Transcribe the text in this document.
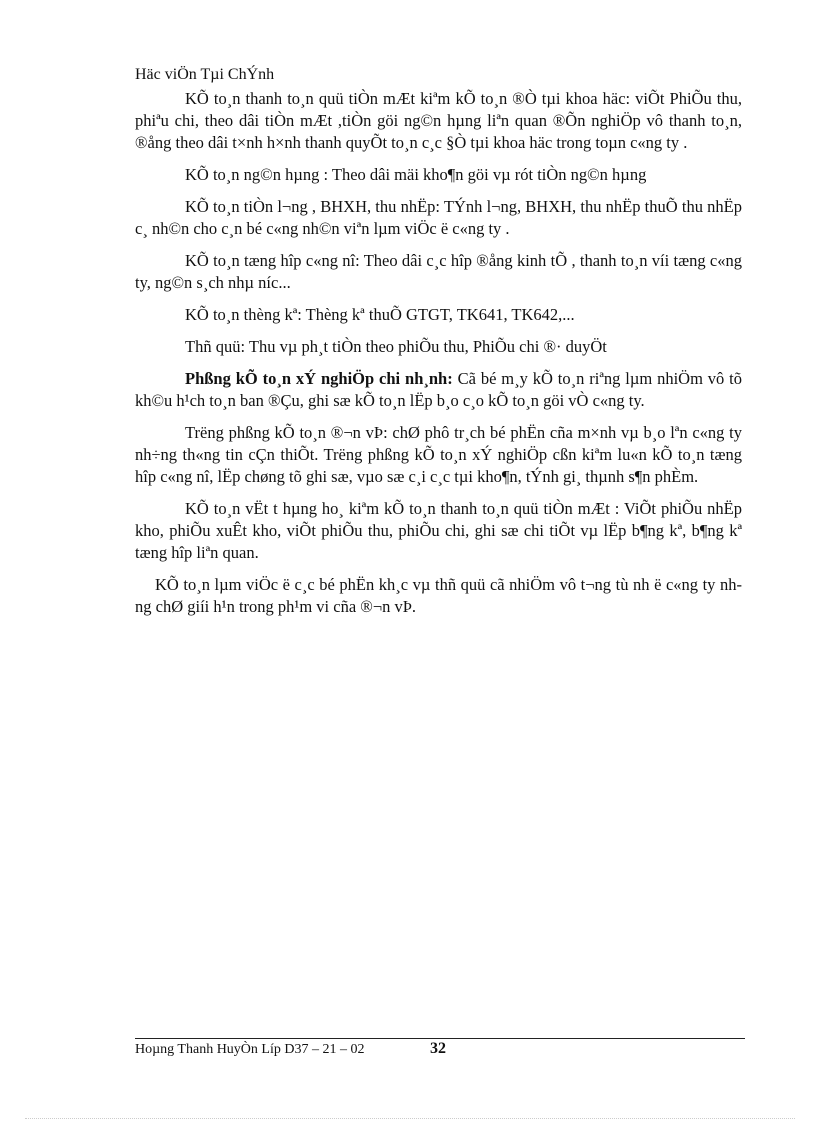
Häc viÖn Tµi ChÝnh

KÕ to¸n thanh to¸n quü tiÒn mÆt kiªm kÕ to¸n ®Ò tµi khoa häc: viÕt PhiÕu thu, phiªu chi, theo dâi tiÒn mÆt ,tiÒn göi ng©n hµng liªn quan ®Õn nghiÖp vô thanh to¸n, ®ång theo dâi t×nh h×nh thanh quyÕt to¸n c¸c §Ò tµi khoa häc trong toµn c«ng ty .

KÕ to¸n ng©n hµng : Theo dâi mäi kho¶n göi vµ rót tiÒn ng©n hµng

KÕ to¸n tiÒn l¬ng , BHXH, thu nhËp: TÝnh l¬ng, BHXH, thu nhËp thuÕ thu nhËp c¸ nh©n cho c¸n bé c«ng nh©n viªn lµm viÖc ë c«ng ty .

KÕ to¸n tæng hîp c«ng nî: Theo dâi c¸c hîp ®ång kinh tÕ , thanh to¸n víi tæng c«ng ty, ng©n s¸ch nhµ níc...

KÕ to¸n thèng kª: Thèng kª thuÕ GTGT, TK641, TK642,...

Thñ quü: Thu vµ ph¸t tiÒn theo phiÕu thu, PhiÕu chi ®· duyÖt

Phßng kÕ to¸n xÝ nghiÖp chi nh¸nh: Cã bé m¸y kÕ to¸n riªng lµm nhiÖm vô tõ kh©u h¹ch to¸n ban ®Çu, ghi sæ kÕ to¸n lËp b¸o c¸o kÕ to¸n göi vÒ c«ng ty.

Trëng phßng kÕ to¸n ®¬n vÞ: chØ phô tr¸ch bé phËn cña m×nh vµ b¸o lªn c«ng ty nh÷ng th«ng tin cÇn thiÕt. Trëng phßng kÕ to¸n xÝ nghiÖp cßn kiªm lu«n kÕ to¸n tæng hîp c«ng nî, lËp chøng tõ ghi sæ, vµo sæ c¸i c¸c tµi kho¶n, tÝnh gi¸ thµnh s¶n phÈm.

KÕ to¸n vËt t hµng ho¸ kiªm kÕ to¸n thanh to¸n quü tiÒn mÆt : ViÕt phiÕu nhËp kho, phiÕu xuÊt kho, viÕt phiÕu thu, phiÕu chi, ghi sæ chi tiÕt vµ lËp b¶ng kª, b¶ng kª tæng hîp liªn quan.

KÕ to¸n lµm viÖc ë c¸c bé phËn kh¸c vµ thñ quü cã nhiÖm vô t¬ng tù nh ë c«ng ty nhng chØ giíi h¹n trong ph¹m vi cña ®¬n vÞ.

Hoµng Thanh HuyÒn Líp D37 – 21 – 02	32
